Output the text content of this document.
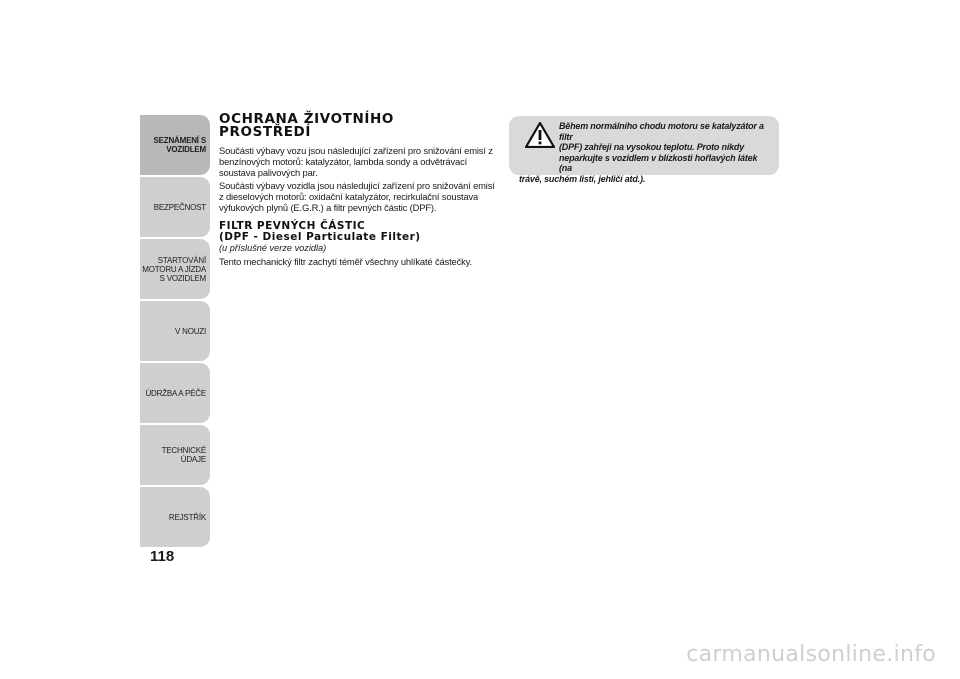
SEZNÁMENÍ S VOZIDLEM
BEZPEČNOST
STARTOVÁNÍ MOTORU A JÍZDA S VOZIDLEM
V NOUZI
ÚDRŽBA A PÉČE
TECHNICKÉ ÚDAJE
REJSTŘÍK
118
OCHRANA ŽIVOTNÍHO
PROSTŘEDÍ

Součásti výbavy vozu jsou následující zařízení pro snižování emisí z benzínových motorů: katalyzátor, lambda sondy a odvětrávací soustava palivových par.

Součásti výbavy vozidla jsou následující zařízení pro snižování emisí z dieselových motorů: oxidační katalyzátor, recirkulační soustava výfukových plynů (E.G.R.) a filtr pevných částic (DPF).

FILTR PEVNÝCH ČÁSTIC
(DPF - Diesel Particulate Filter)

(u příslušné verze vozidla)

Tento mechanický filtr zachytí téměř všechny uhlíkaté částečky.

Během normálního chodu motoru se katalyzátor a filtr
(DPF) zahřeji na vysokou teplotu. Proto nikdy
neparkujte s vozidlem v blízkosti hořlavých látek (na
trávě, suchém listí, jehličí atd.).
carmanualsonline.info
